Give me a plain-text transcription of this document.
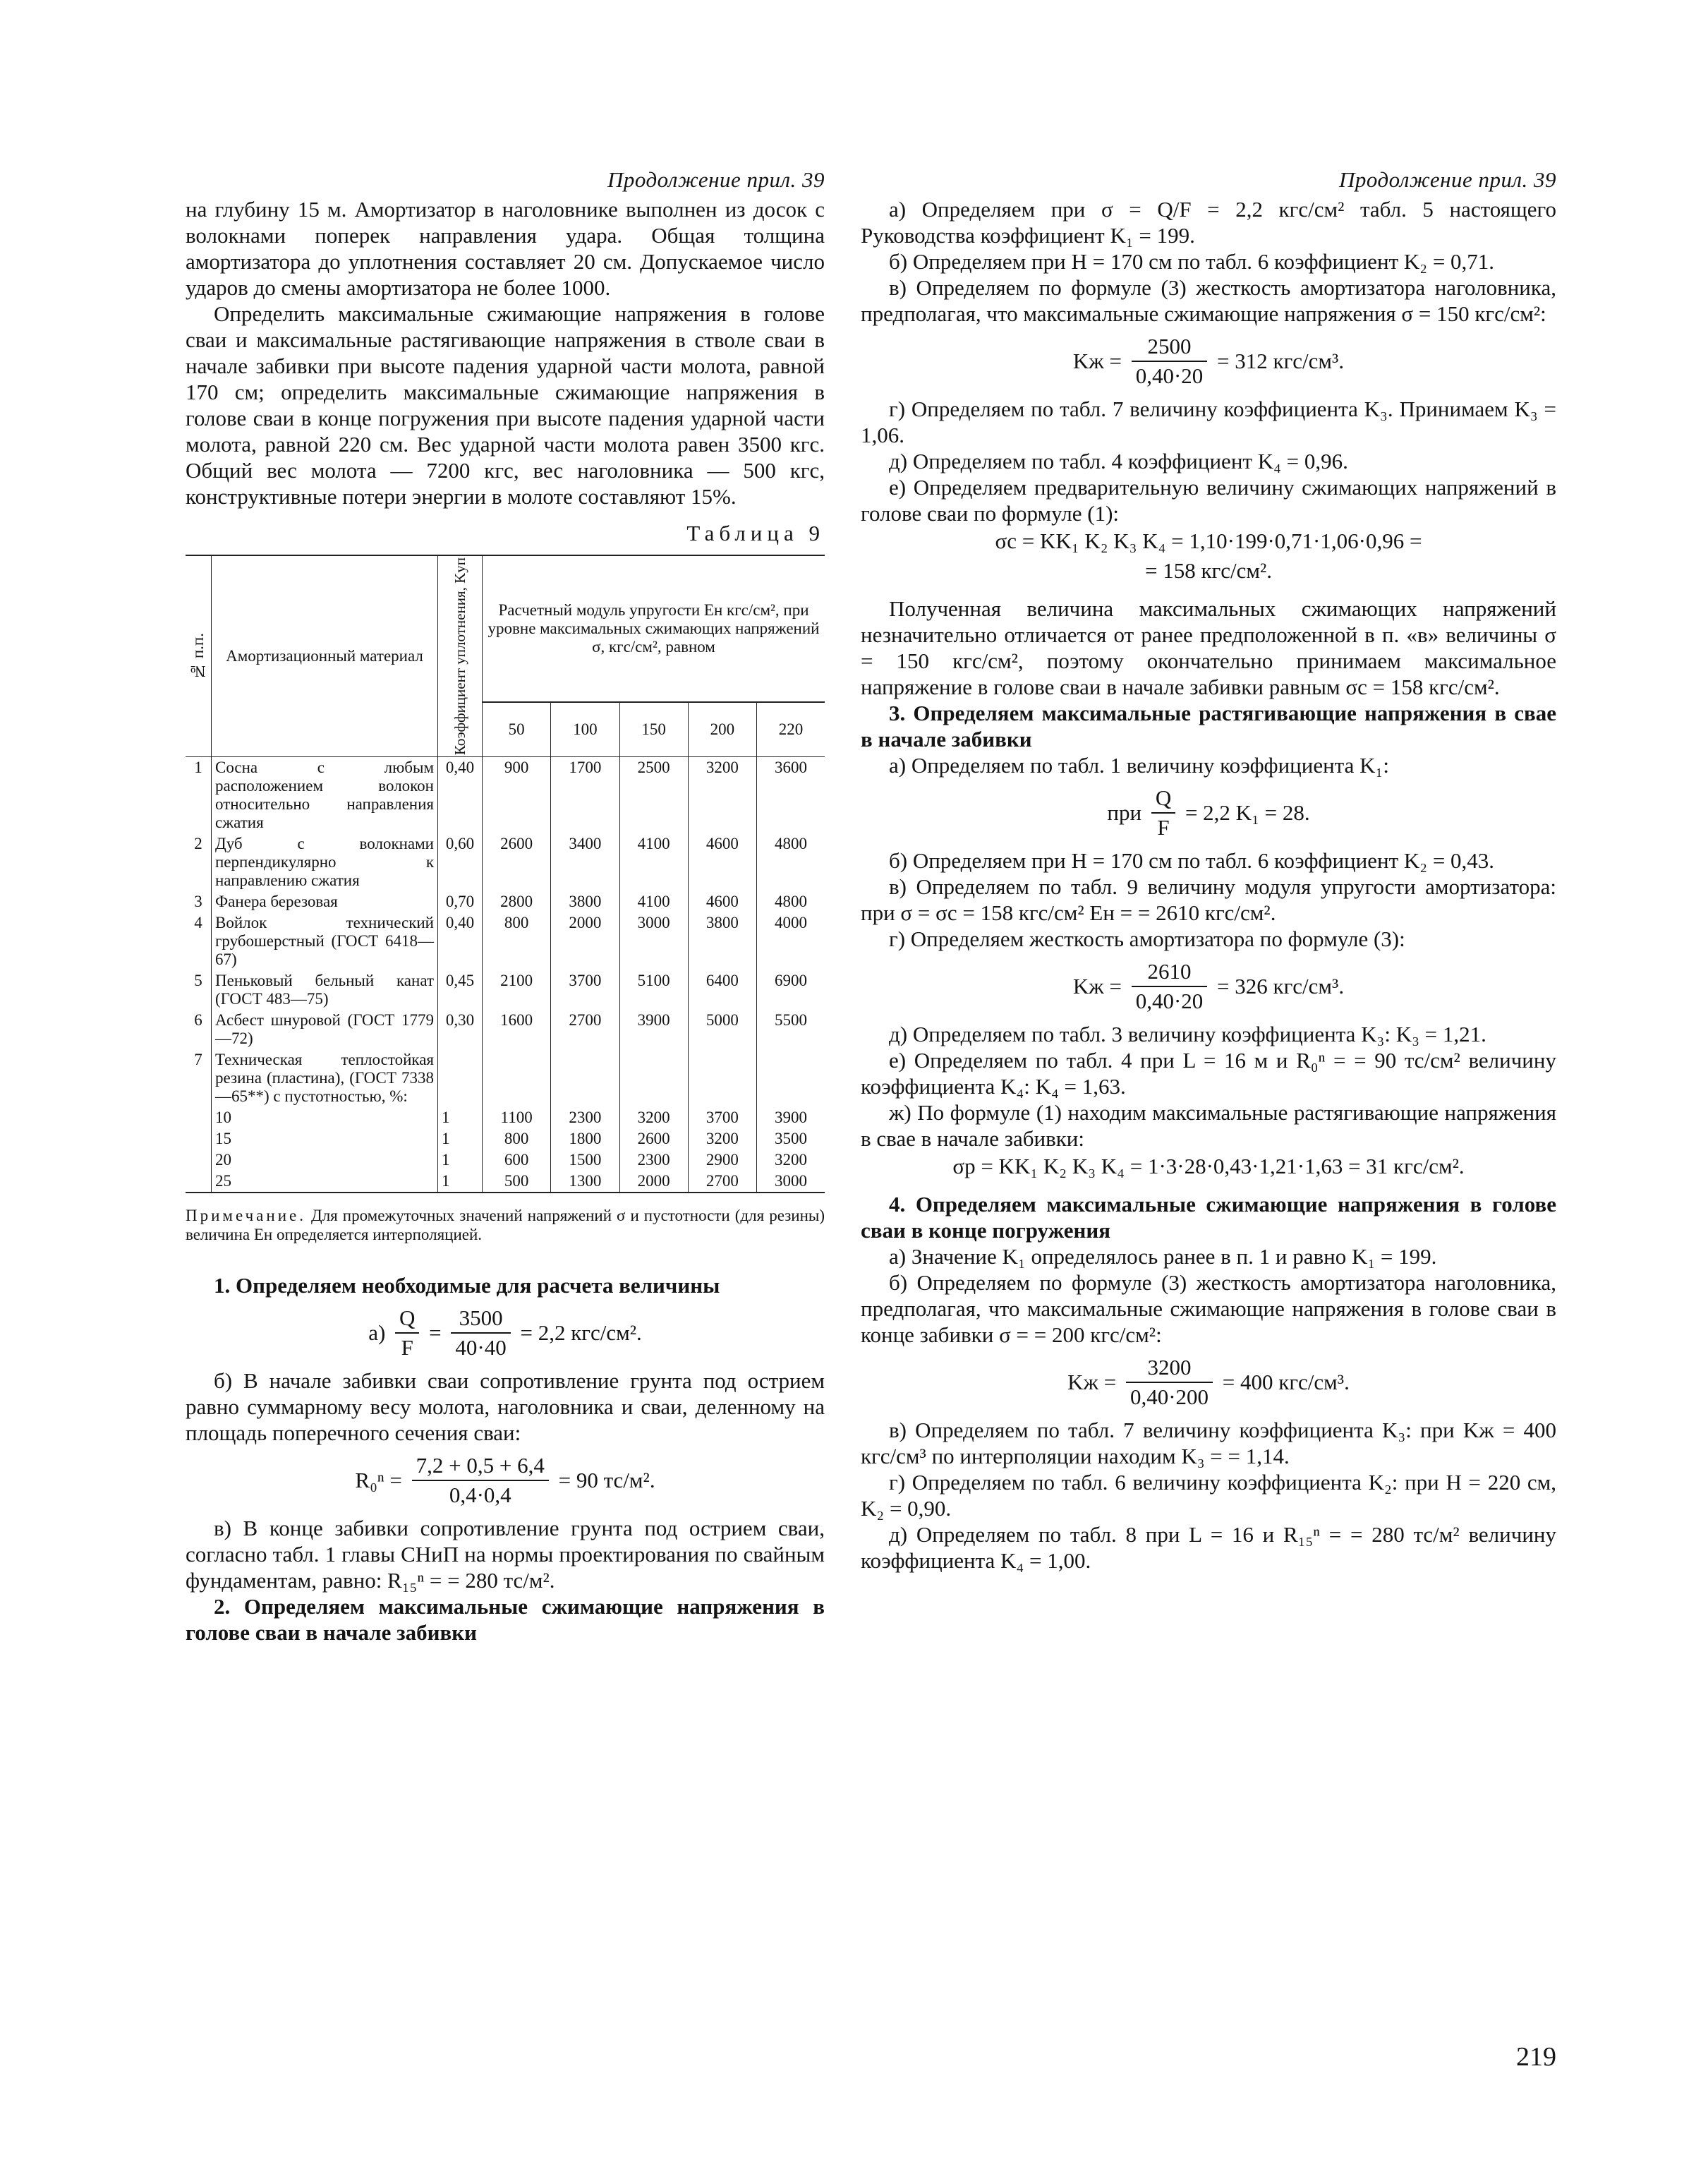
Продолжение прил. 39

на глубину 15 м. Амортизатор в наголовнике выполнен из досок с волокнами поперек направления удара. Общая толщина амортизатора до уплотнения составляет 20 см. Допускаемое число ударов до смены амортизатора не более 1000.

Определить максимальные сжимающие напряжения в голове сваи и максимальные растягивающие напряжения в стволе сваи в начале забивки при высоте падения ударной части молота, равной 170 см; определить максимальные сжимающие напряжения в голове сваи в конце погружения при высоте падения ударной части молота, равной 220 см. Вес ударной части молота равен 3500 кгс. Общий вес молота — 7200 кгс, вес наголовника — 500 кгс, конструктивные потери энергии в молоте составляют 15%.

Таблица 9
№ п.п.	Амортизационный материал	Коэффициент уплотнения, Kуп	Расчетный модуль упругости Eн кгс/см², при уровне максимальных сжимающих напряжений σ, кгс/см², равном				
			50	100	150	200	220
1	Сосна с любым расположением волокон относительно направления сжатия	0,40	900	1700	2500	3200	3600
2	Дуб с волокнами перпендикулярно к направлению сжатия	0,60	2600	3400	4100	4600	4800
3	Фанера березовая	0,70	2800	3800	4100	4600	4800
4	Войлок технический грубошерстный (ГОСТ 6418—67)	0,40	800	2000	3000	3800	4000
5	Пеньковый бельный канат (ГОСТ 483—75)	0,45	2100	3700	5100	6400	6900
6	Асбест шнуровой (ГОСТ 1779—72)	0,30	1600	2700	3900	5000	5500
7	Техническая теплостойкая резина (пластина), (ГОСТ 7338—65**) с пустотностью, %:						
	10	1	1100	2300	3200	3700	3900
	15	1	800	1800	2600	3200	3500
	20	1	600	1500	2300	2900	3200
	25	1	500	1300	2000	2700	3000
Примечание. Для промежуточных значений напряжений σ и пустотности (для резины) величина Eн определяется интерполяцией.

1. Определяем необходимые для расчета величины

$а) \frac{Q}{F} = \frac{3500}{40\cdot 40} = 2,2$ кгс/см².

б) В начале забивки сваи сопротивление грунта под острием равно суммарному весу молота, наголовника и сваи, деленному на площадь поперечного сечения сваи:

$R_0^n = \frac{7,2 + 0,5 + 6,4}{0,4\cdot 0,4} = 90$ тс/м².

в) В конце забивки сопротивление грунта под острием сваи, согласно табл. 1 главы СНиП на нормы проектирования по свайным фундаментам, равно: R₁₅ⁿ = = 280 тс/м².

2. Определяем максимальные сжимающие напряжения в голове сваи в начале забивки

Продолжение прил. 39

а) Определяем при σ = Q/F = 2,2 кгс/см² табл. 5 настоящего Руководства коэффициент K₁ = 199.

б) Определяем при H = 170 см по табл. 6 коэффициент K₂ = 0,71.

в) Определяем по формуле (3) жесткость амортизатора наголовника, предполагая, что максимальные сжимающие напряжения σ = 150 кгс/см²:

Kж = $\frac{2500}{0,40\cdot 20} = 312$ кгс/см³.

г) Определяем по табл. 7 величину коэффициента K₃. Принимаем K₃ = 1,06.

д) Определяем по табл. 4 коэффициент K₄ = 0,96.

е) Определяем предварительную величину сжимающих напряжений в голове сваи по формуле (1):

σc = KK₁ K₂ K₃ K₄ = 1,10·199·0,71·1,06·0,96 =
= 158 кгс/см².

Полученная величина максимальных сжимающих напряжений незначительно отличается от ранее предположенной в п. «в» величины σ = 150 кгс/см², поэтому окончательно принимаем максимальное напряжение в голове сваи в начале забивки равным σc = 158 кгс/см².

3. Определяем максимальные растягивающие напряжения в свае в начале забивки

а) Определяем по табл. 1 величину коэффициента K₁:

при $\frac{Q}{F} = 2,2$ K₁ = 28.

б) Определяем при H = 170 см по табл. 6 коэффициент K₂ = 0,43.

в) Определяем по табл. 9 величину модуля упругости амортизатора: при σ = σc = 158 кгс/см² Eн = = 2610 кгс/см².

г) Определяем жесткость амортизатора по формуле (3):

Kж = $\frac{2610}{0,40\cdot 20} = 326$ кгс/см³.

д) Определяем по табл. 3 величину коэффициента K₃: K₃ = 1,21.

е) Определяем по табл. 4 при L = 16 м и R₀ⁿ = = 90 тс/см² величину коэффициента K₄: K₄ = 1,63.

ж) По формуле (1) находим максимальные растягивающие напряжения в свае в начале забивки:

σр = KK₁ K₂ K₃ K₄ = 1·3·28·0,43·1,21·1,63 = 31 кгс/см².

4. Определяем максимальные сжимающие напряжения в голове сваи в конце погружения

а) Значение K₁ определялось ранее в п. 1 и равно K₁ = 199.

б) Определяем по формуле (3) жесткость амортизатора наголовника, предполагая, что максимальные сжимающие напряжения в голове сваи в конце забивки σ = = 200 кгс/см²:

Kж = $\frac{3200}{0,40\cdot 200} = 400$ кгс/см³.

в) Определяем по табл. 7 величину коэффициента K₃: при Kж = 400 кгс/см³ по интерполяции находим K₃ = = 1,14.

г) Определяем по табл. 6 величину коэффициента K₂: при H = 220 см, K₂ = 0,90.

д) Определяем по табл. 8 при L = 16 и R₁₅ⁿ = = 280 тс/м² величину коэффициента K₄ = 1,00.

219
